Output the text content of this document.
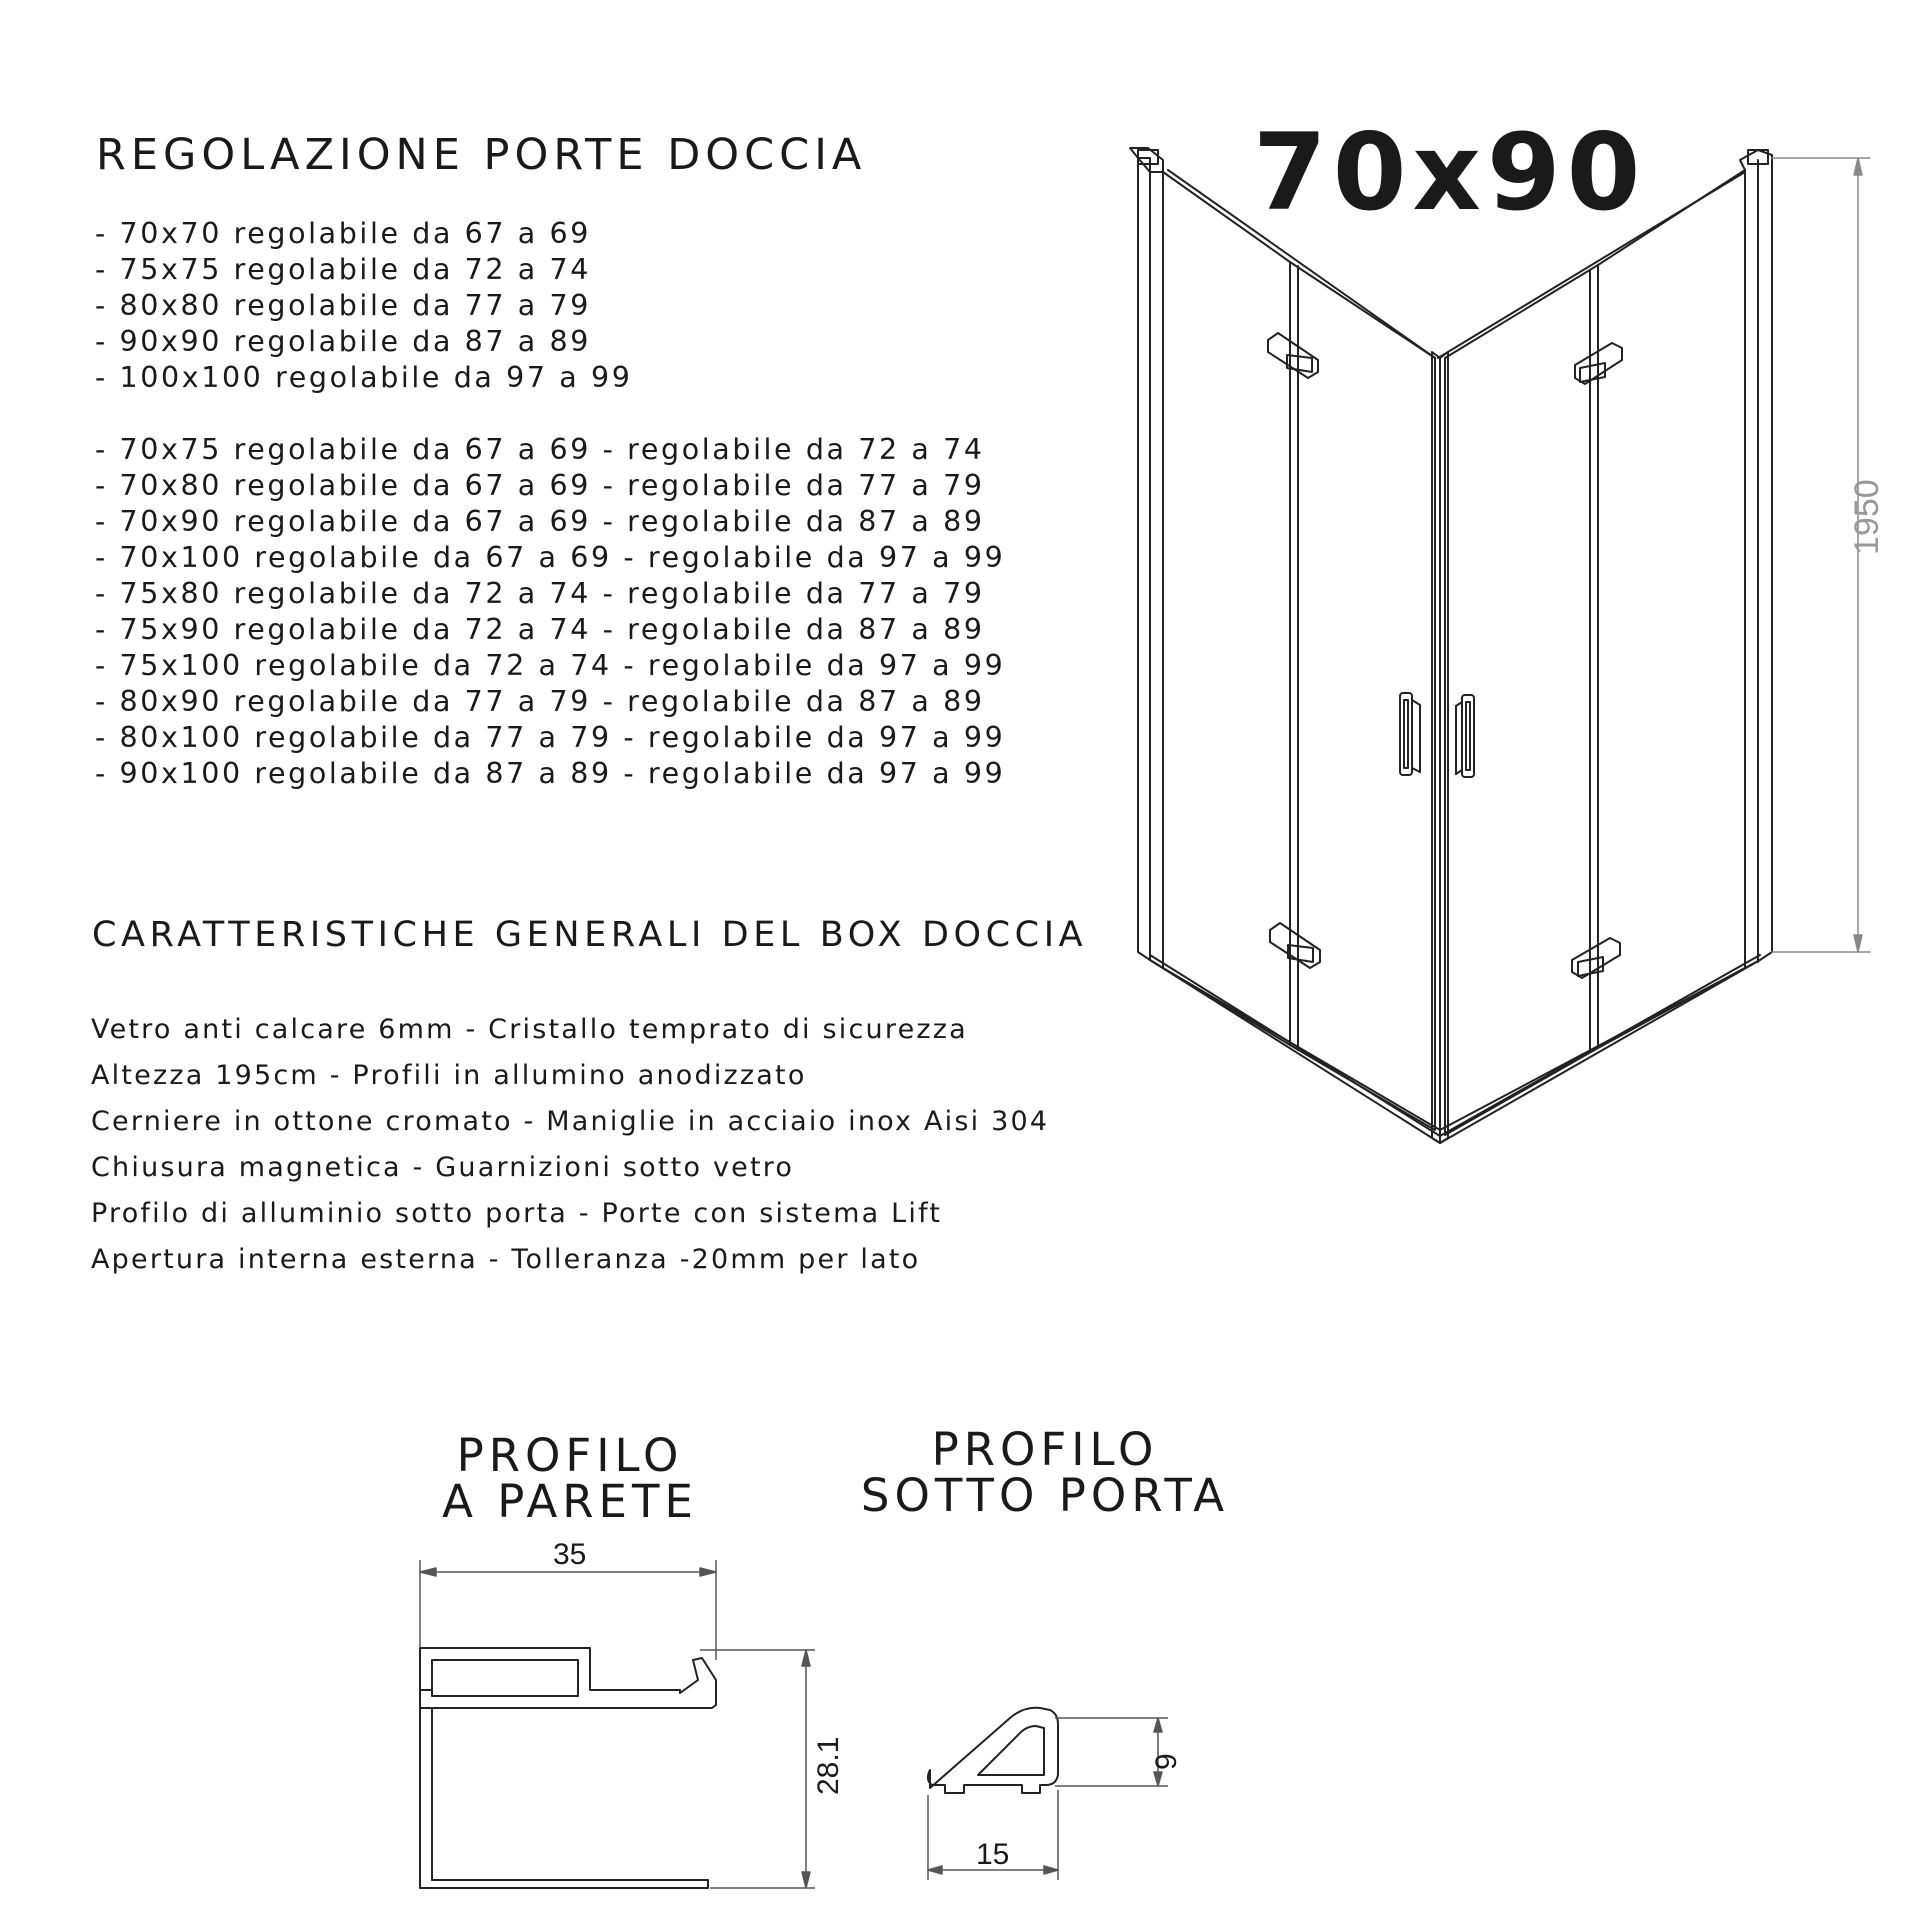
REGOLAZIONE PORTE DOCCIA
- 70x70 regolabile da 67 a 69
- 75x75 regolabile da 72 a 74
- 80x80 regolabile da 77 a 79
- 90x90 regolabile da 87 a 89
- 100x100 regolabile da 97 a 99
- 70x75 regolabile da 67 a 69 - regolabile da 72 a 74
- 70x80 regolabile da 67 a 69 - regolabile da 77 a 79
- 70x90 regolabile da 67 a 69 - regolabile da 87 a 89
- 70x100 regolabile da 67 a 69 - regolabile da 97 a 99
- 75x80 regolabile da 72 a 74 - regolabile da 77 a 79
- 75x90 regolabile da 72 a 74 - regolabile da 87 a 89
- 75x100 regolabile da 72 a 74 - regolabile da 97 a 99
- 80x90 regolabile da 77 a 79 - regolabile da 87 a 89
- 80x100 regolabile da 77 a 79 - regolabile da 97 a 99
- 90x100 regolabile da 87 a 89 - regolabile da 97 a 99
CARATTERISTICHE GENERALI DEL BOX DOCCIA
Vetro anti calcare 6mm - Cristallo temprato di sicurezza
Altezza 195cm - Profili in allumino anodizzato
Cerniere in ottone cromato - Maniglie in acciaio inox Aisi 304
Chiusura magnetica - Guarnizioni sotto vetro
Profilo di alluminio sotto porta - Porte con sistema Lift
Apertura interna esterna - Tolleranza -20mm per lato
70x90
1950
PROFILO
A PARETE
PROFILO
SOTTO PORTA
35
28.1	9
15
